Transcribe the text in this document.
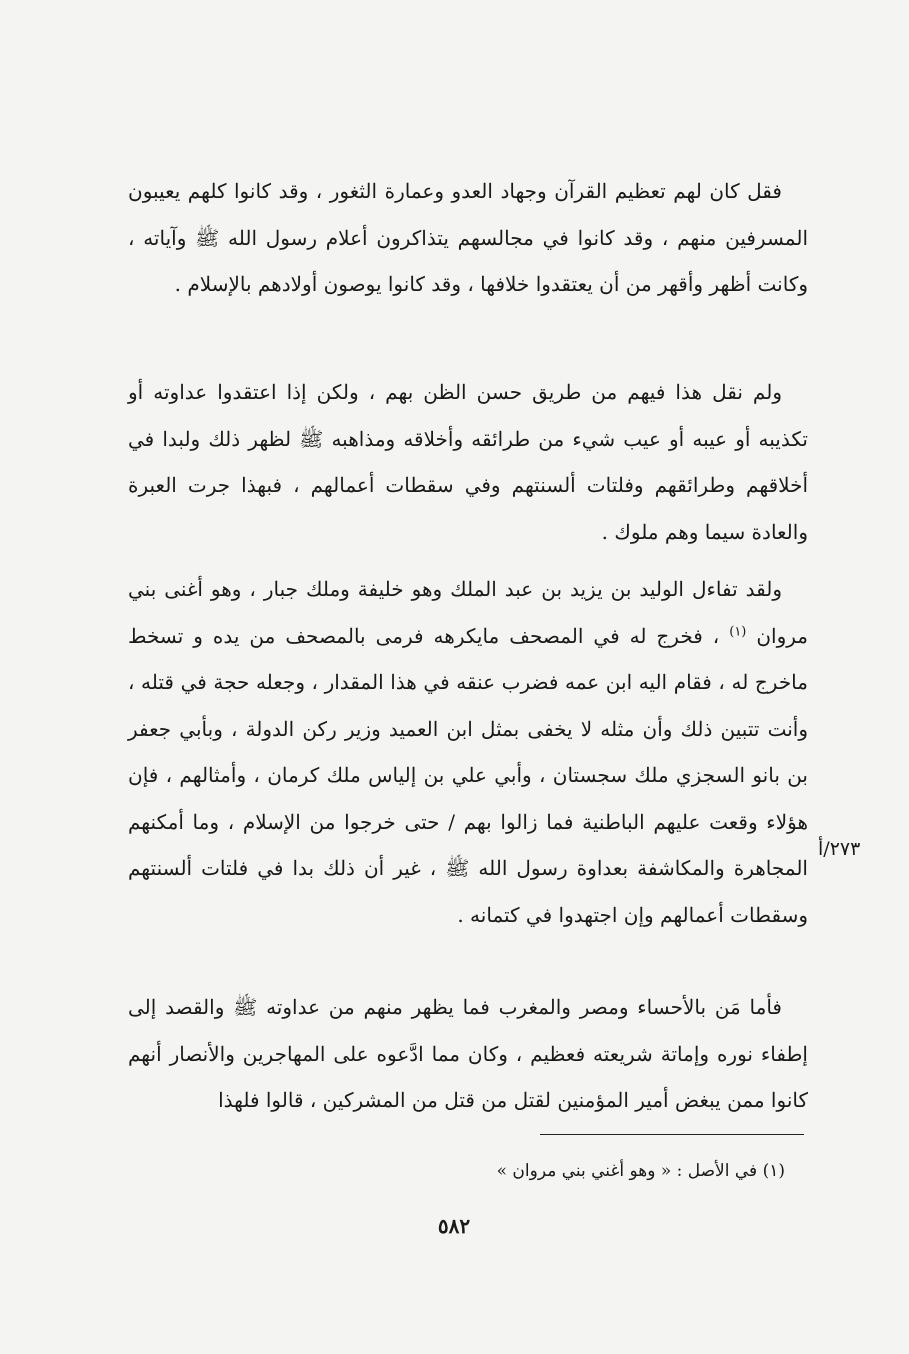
فقل كان لهم تعظيم القرآن وجهاد العدو وعمارة الثغور ، وقد كانوا كلهم يعيبون المسرفين منهم ، وقد كانوا في مجالسهم يتذاكرون أعلام رسول الله ﷺ وآياته ، وكانت أظهر وأقهر من أن يعتقدوا خلافها ، وقد كانوا يوصون أولادهم بالإسلام .

ولم نقل هذا فيهم من طريق حسن الظن بهم ، ولكن إذا اعتقدوا عداوته أو تكذيبه أو عيبه أو عيب شيء من طرائقه وأخلاقه ومذاهبه ﷺ لظهر ذلك ولبدا في أخلاقهم وطرائقهم وفلتات ألسنتهم وفي سقطات أعمالهم ، فبهذا جرت العبرة والعادة سيما وهم ملوك .

ولقد تفاءل الوليد بن يزيد بن عبد الملك وهو خليفة وملك جبار ، وهو أغنى بني مروان $^{(١)}$ ، فخرج له في المصحف مايكرهه فرمى بالمصحف من يده و تسخط ماخرج له ، فقام اليه ابن عمه فضرب عنقه في هذا المقدار ، وجعله حجة في قتله ، وأنت تتبين ذلك وأن مثله لا يخفى بمثل ابن العميد وزير ركن الدولة ، وبأبي جعفر بن بانو السجزي ملك سجستان ، وأبي علي بن إلياس ملك كرمان ، وأمثالهم ، فإن هؤلاء وقعت عليهم الباطنية فما زالوا بهم / حتى خرجوا من الإسلام ، وما أمكنهم المجاهرة والمكاشفة بعداوة رسول الله ﷺ ، غير أن ذلك بدا في فلتات ألسنتهم وسقطات أعمالهم وإن اجتهدوا في كتمانه .

فأما مَن بالأحساء ومصر والمغرب فما يظهر منهم من عداوته ﷺ والقصد إلى إطفاء نوره وإماتة شريعته فعظيم ، وكان مما ادَّعوه على المهاجرين والأنصار أنهم كانوا ممن يبغض أمير المؤمنين لقتل من قتل من المشركين ، قالوا فلهذا

٢٧٣/أ
(١) في الأصل : « وهو أغني بني مروان »
٥٨٢
